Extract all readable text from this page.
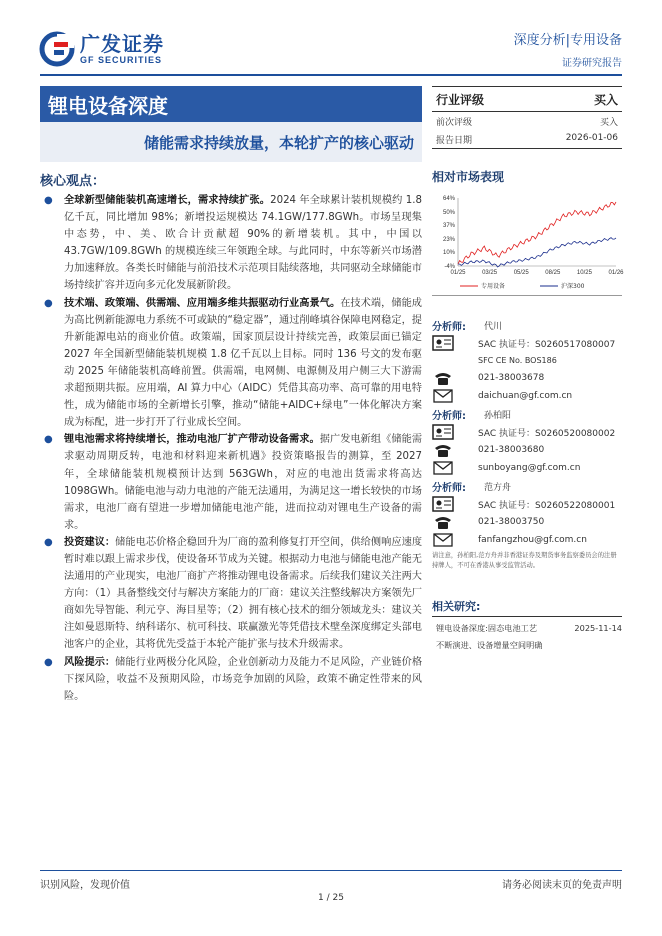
广发证券
GF SECURITIES
深度分析|专用设备
证券研究报告
锂电设备深度
储能需求持续放量，本轮扩产的核心驱动
行业评级	买入
前次评级	买入
报告日期	2026-01-06
核心观点：
● 全球新型储能装机高速增长，需求持续扩张。2024 年全球累计装机规模约 1.8 亿千瓦，同比增加 98%；新增投运规模达 74.1GW/177.8GWh。市场呈现集中态势，中、美、欧合计贡献超 90%的新增装机。其中，中国以 43.7GW/109.8GWh 的规模连续三年领跑全球。与此同时，中东等新兴市场潜力加速释放。各类长时储能与前沿技术示范项目陆续落地，共同驱动全球储能市场持续扩容并迈向多元化发展新阶段。
● 技术端、政策端、供需端、应用端多维共振驱动行业高景气。在技术端，储能成为高比例新能源电力系统不可或缺的“稳定器”，通过削峰填谷保障电网稳定，提升新能源电站的商业价值。政策端，国家顶层设计持续完善，政策层面已锚定 2027 年全国新型储能装机规模 1.8 亿千瓦以上目标。同时 136 号文的发布驱动 2025 年储能装机高峰前置。供需端，电网侧、电源侧及用户侧三大下游需求超预期共振。应用端，AI 算力中心（AIDC）凭借其高功率、高可靠的用电特性，成为储能市场的全新增长引擎，推动“储能+AIDC+绿电”一体化解决方案成为标配，进一步打开了行业成长空间。
● 锂电池需求将持续增长，推动电池厂扩产带动设备需求。据广发电新组《储能需求驱动周期反转，电池和材料迎来新机遇》投资策略报告的测算，至 2027 年，全球储能装机规模预计达到 563GWh，对应的电池出货需求将高达 1098GWh。储能电池与动力电池的产能无法通用，为满足这一增长较快的市场需求，电池厂商有望进一步增加储能电池产能，进而拉动对锂电生产设备的需求。
● 投资建议：储能电芯价格企稳回升为厂商的盈利修复打开空间，供给侧响应速度暂时难以跟上需求步伐，使设备环节成为关键。根据动力电池与储能电池产能无法通用的产业现实，电池厂商扩产将推动锂电设备需求。后续我们建议关注两大方向：（1）具备整线交付与解决方案能力的厂商：建议关注整线解决方案领先厂商如先导智能、利元亨、海目星等；（2）拥有核心技术的细分领域龙头：建议关注如曼恩斯特、纳科诺尔、杭可科技、联赢激光等凭借技术壁垒深度绑定头部电池客户的企业，其将优先受益于本轮产能扩张与技术升级需求。
● 风险提示：储能行业两极分化风险，企业创新动力及能力不足风险，产业链价格下探风险，收益不及预期风险，市场竞争加剧的风险，政策不确定性带来的风险。
相对市场表现
64%
50%
37%
23%
10%
-4%
01/25	03/25	05/25	08/25	10/25	01/26
专用设备	沪深300
分析师:	代川
SAC 执证号：S0260517080007
SFC CE No. BOS186
021-38003678
daichuan@gf.com.cn
分析师:	孙柏阳
SAC 执证号：S0260520080002
021-38003680
sunboyang@gf.com.cn
分析师:	范方舟
SAC 执证号：S0260522080001
021-38003750
fanfangzhou@gf.com.cn
请注意，孙柏阳,范方舟并非香港证券及期货事务监察委员会的注册持牌人，不可在香港从事受监管活动。
相关研究:
锂电设备深度:固态电池工艺	2025-11-14
不断演进、设备增量空间明确
识别风险，发现价值	请务必阅读末页的免责声明
1 / 25
